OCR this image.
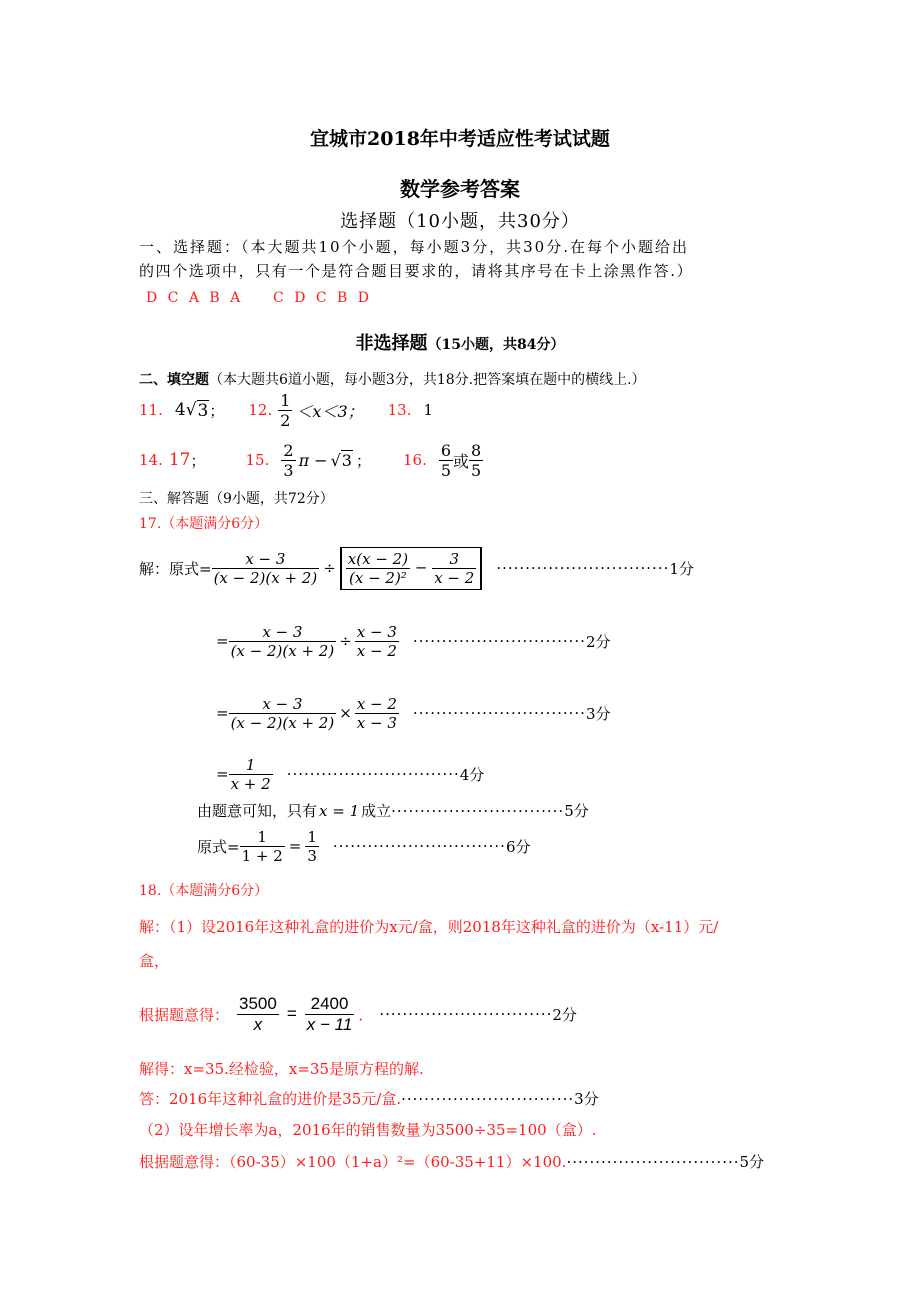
宜城市2018年中考适应性考试试题
数学参考答案
选择题（10小题，共30分）
一、选择题：（本大题共10个小题，每小题3分，共30分.在每个小题给出
的四个选项中，只有一个是符合题目要求的，请将其序号在卡上涂黑作答.）
D C A B A    C D C B D
非选择题（15小题，共84分）
二、填空题（本大题共6道小题，每小题3分，共18分.把答案填在题中的横线上.）
11. 4 √ 3 ； 12. $\frac{1}{2} <x<3$； 13. 1
14. 17 ；	15. $\frac{2}{3}$ π − √ 3 ； 16. $\frac{6}{5}$ 或 $\frac{8}{5}$
三、解答题（9小题，共72分）
17.（本题满分6分）
解：原式= $\frac{x - 3}{(x - 2)(x + 2)} \div \frac{x(x - 2)}{\text{(x − 2)²}} - \frac{3}{x - 2}$ ······························ 1分
= $\frac{x - 3}{(x - 2)(x + 2)} \div \frac{x - 3}{x - 2}$ ······························ 2分
= $\frac{x - 3}{(x - 2)(x + 2)} \times \frac{x - 2}{x - 3}$ ······························ 3分
= $\frac{1}{x + 2}$ ······························ 4分
由题意可知，只有 x = 1 成立······························5分
原式= $\frac{1}{1 + 2} = \frac{1}{3}$ ······························ 6分
18.（本题满分6分）
解：（1）设2016年这种礼盒的进价为x元/盒，则2018年这种礼盒的进价为（x-11）元/
盒，
根据题意得： $\frac{3500}{x} = \frac{2400}{x - 11}$ ． ······························ 2分
解得：x=35.经检验，x=35是原方程的解.
答：2016年这种礼盒的进价是35元/盒.······························3分
（2）设年增长率为a，2016年的销售数量为3500÷35=100（盒）.
根据题意得：（60-35）×100（1+a）²=（60-35+11）×100.······························5分
